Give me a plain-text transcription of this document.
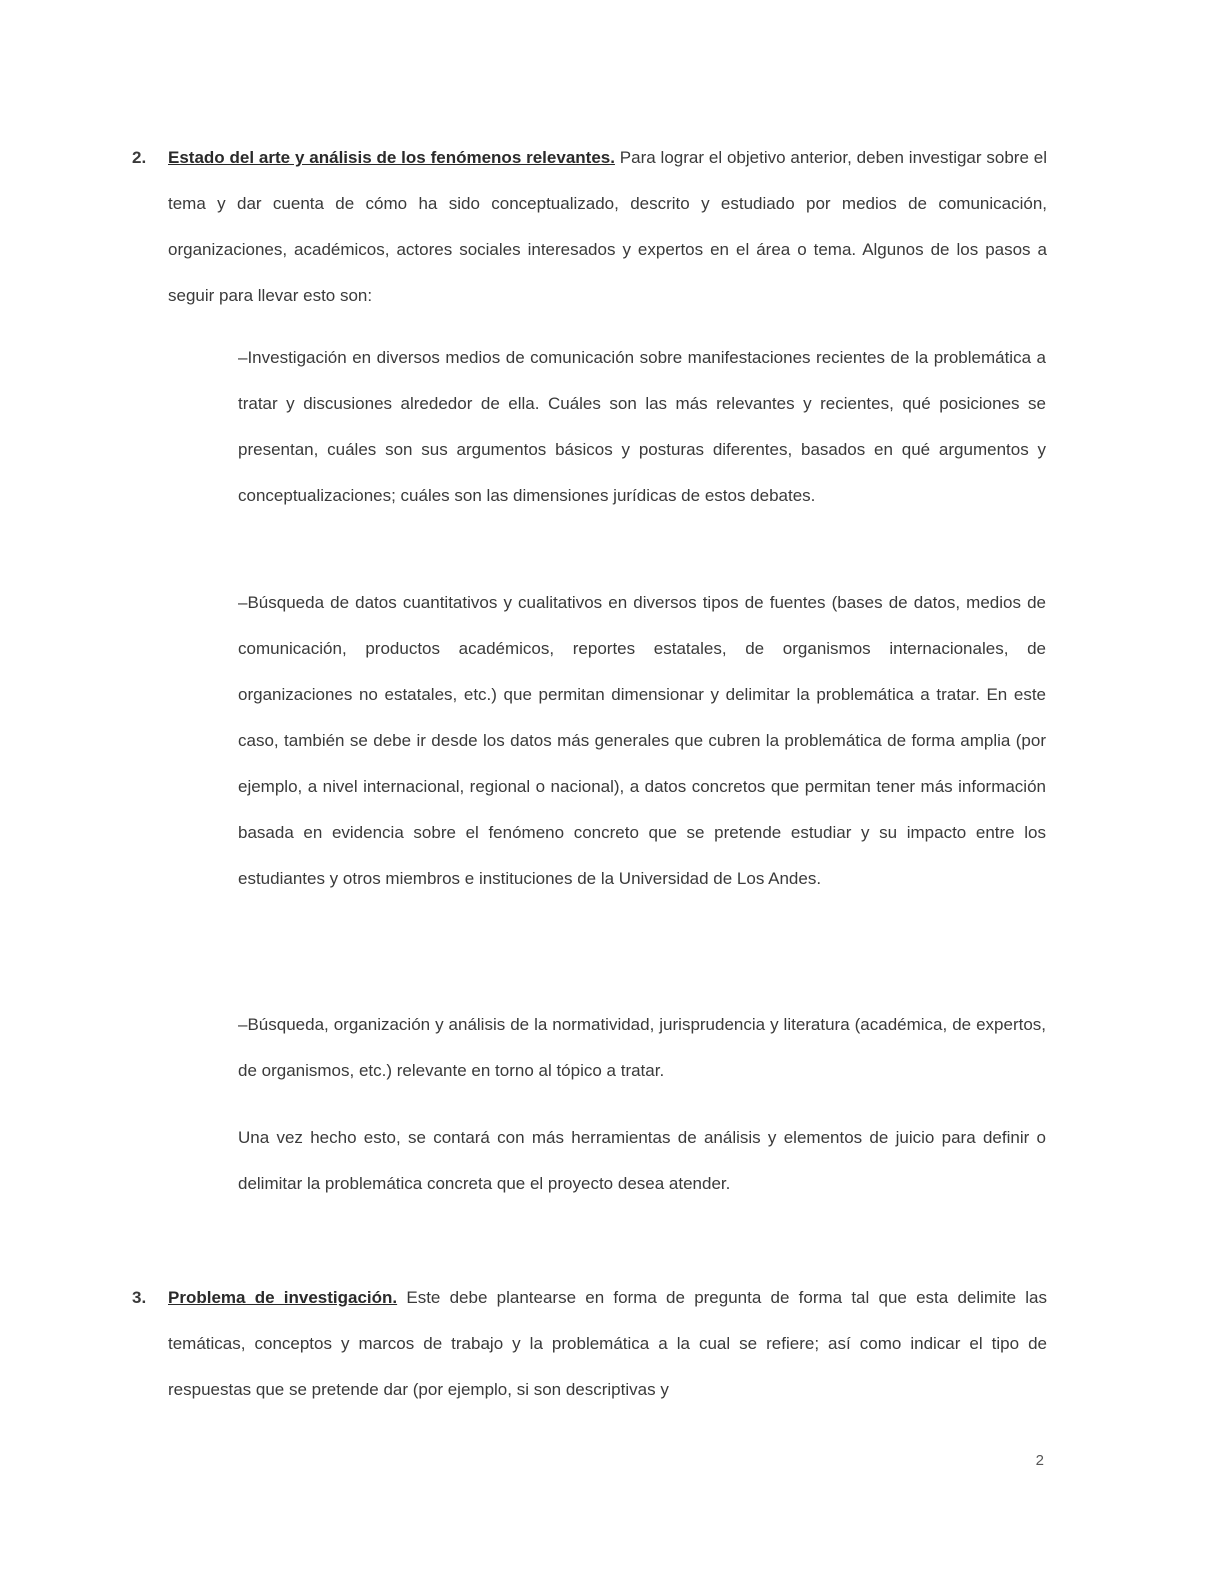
2.	Estado del arte y análisis de los fenómenos relevantes. Para lograr el objetivo anterior, deben investigar sobre el tema y dar cuenta de cómo ha sido conceptualizado, descrito y estudiado por medios de comunicación, organizaciones, académicos, actores sociales interesados y expertos en el área o tema. Algunos de los pasos a seguir para llevar esto son:
–Investigación en diversos medios de comunicación sobre manifestaciones recientes de la problemática a tratar y discusiones alrededor de ella. Cuáles son las más relevantes y recientes, qué posiciones se presentan, cuáles son sus argumentos básicos y posturas diferentes, basados en qué argumentos y conceptualizaciones; cuáles son las dimensiones jurídicas de estos debates.
–Búsqueda de datos cuantitativos y cualitativos en diversos tipos de fuentes (bases de datos, medios de comunicación, productos académicos, reportes estatales, de organismos internacionales, de organizaciones no estatales, etc.) que permitan dimensionar y delimitar la problemática a tratar. En este caso, también se debe ir desde los datos más generales que cubren la problemática de forma amplia (por ejemplo, a nivel internacional, regional o nacional), a datos concretos que permitan tener más información basada en evidencia sobre el fenómeno concreto que se pretende estudiar y su impacto entre los estudiantes y otros miembros e instituciones de la Universidad de Los Andes.
–Búsqueda, organización y análisis de la normatividad, jurisprudencia y literatura (académica, de expertos, de organismos, etc.) relevante en torno al tópico a tratar.
Una vez hecho esto, se contará con más herramientas de análisis y elementos de juicio para definir o delimitar la problemática concreta que el proyecto desea atender.
3.	Problema de investigación. Este debe plantearse en forma de pregunta de forma tal que esta delimite las temáticas, conceptos y marcos de trabajo y la problemática a la cual se refiere; así como indicar el tipo de respuestas que se pretende dar (por ejemplo, si son descriptivas y
2
